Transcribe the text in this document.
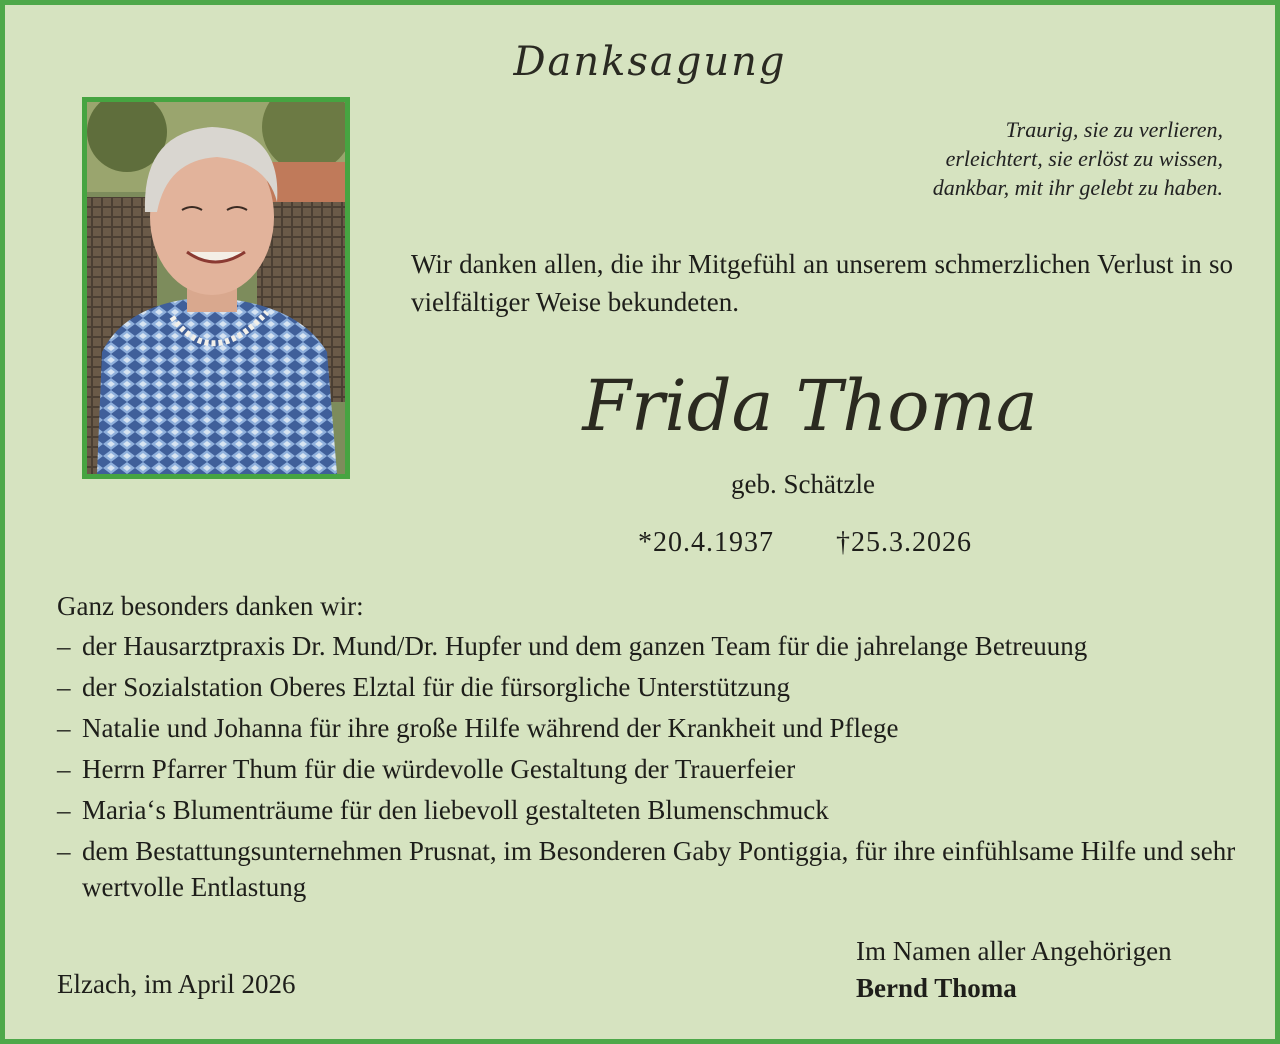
Danksagung
Traurig, sie zu verlieren,
erleichtert, sie erlöst zu wissen,
dankbar, mit ihr gelebt zu haben.
Wir danken allen, die ihr Mitgefühl an unserem schmerzlichen Verlust in so vielfältiger Weise bekundeten.
Frida Thoma
geb. Schätzle
*20.4.1937 †25.3.2026
Ganz besonders danken wir:
– der Hausarztpraxis Dr. Mund/Dr. Hupfer und dem ganzen Team für die jahrelange Betreuung
– der Sozialstation Oberes Elztal für die fürsorgliche Unterstützung
– Natalie und Johanna für ihre große Hilfe während der Krankheit und Pflege
– Herrn Pfarrer Thum für die würdevolle Gestaltung der Trauerfeier
– Maria‘s Blumenträume für den liebevoll gestalteten Blumenschmuck
– dem Bestattungsunternehmen Prusnat, im Besonderen Gaby Pontiggia, für ihre einfühlsame Hilfe und sehr wertvolle Entlastung
Elzach, im April 2026
Im Namen aller Angehörigen
Bernd Thoma
